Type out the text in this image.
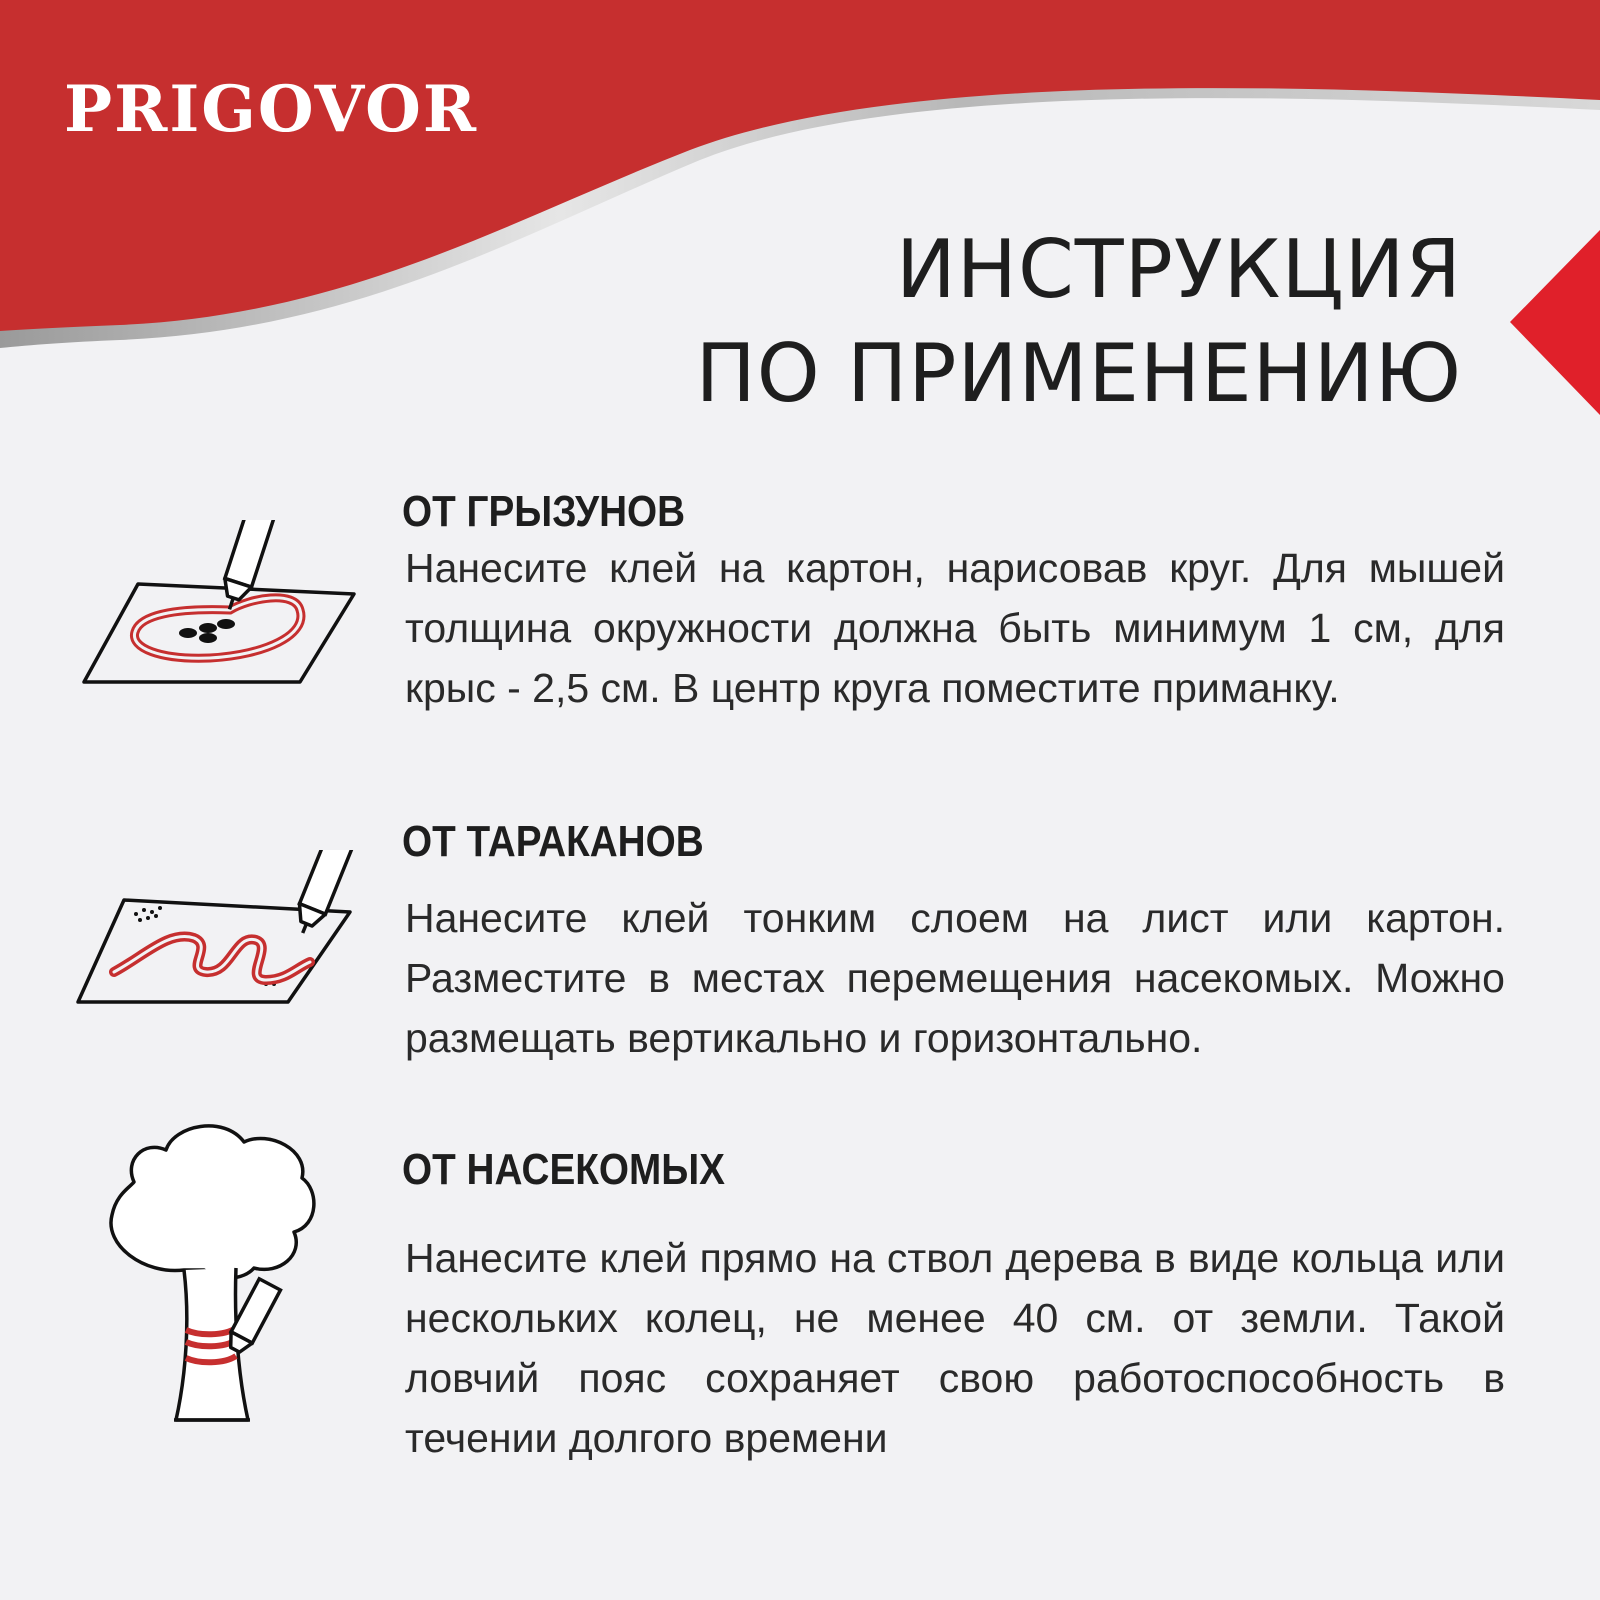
PRIGOVOR
ИНСТРУКЦИЯ
ПО ПРИМЕНЕНИЮ
ОТ ГРЫЗУНОВ
Нанесите клей на картон, нарисовав круг. Для мышей толщина окружности должна быть минимум 1 см, для крыс - 2,5 см. В центр круга поместите приманку.
ОТ ТАРАКАНОВ
Нанесите клей тонким слоем на лист или картон. Разместите в местах перемещения насекомых. Можно размещать вертикально и горизонтально.
ОТ НАСЕКОМЫХ
Нанесите клей прямо на ствол дерева в виде кольца или нескольких колец, не менее 40 см. от земли. Такой ловчий пояс сохраняет свою работоспособность в течении долгого времени
